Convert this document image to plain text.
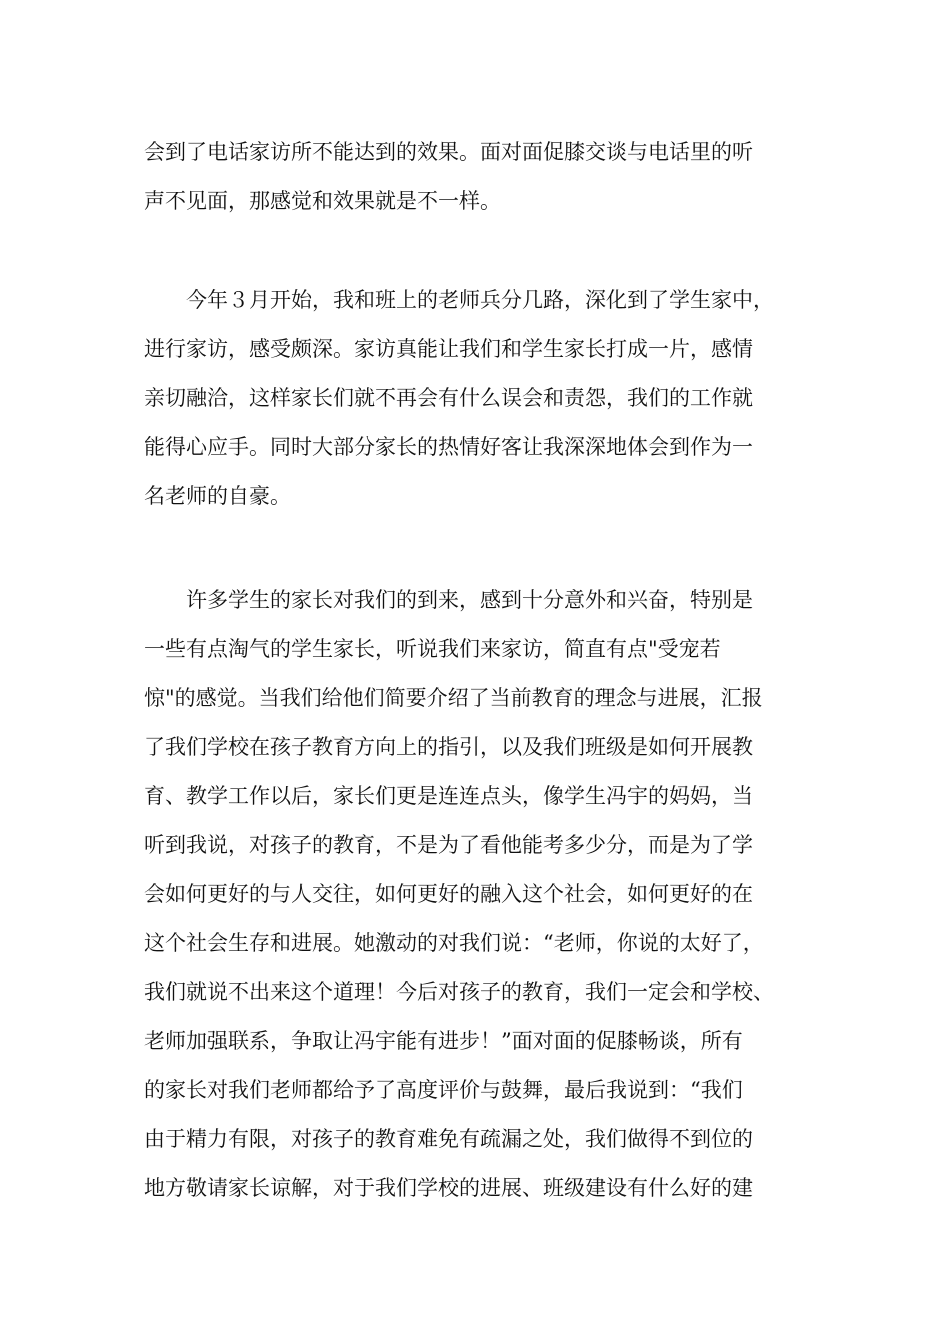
会到了电话家访所不能达到的效果。面对面促膝交谈与电话里的听
声不见面，那感觉和效果就是不一样。
　　今年３月开始，我和班上的老师兵分几路，深化到了学生家中，
进行家访，感受颇深。家访真能让我们和学生家长打成一片，感情
亲切融洽，这样家长们就不再会有什么误会和责怨，我们的工作就
能得心应手。同时大部分家长的热情好客让我深深地体会到作为一
名老师的自豪。
　　许多学生的家长对我们的到来，感到十分意外和兴奋，特别是
一些有点淘气的学生家长，听说我们来家访，简直有点"受宠若
惊"的感觉。当我们给他们简要介绍了当前教育的理念与进展，汇报
了我们学校在孩子教育方向上的指引，以及我们班级是如何开展教
育、教学工作以后，家长们更是连连点头，像学生冯宇的妈妈，当
听到我说，对孩子的教育，不是为了看他能考多少分，而是为了学
会如何更好的与人交往，如何更好的融入这个社会，如何更好的在
这个社会生存和进展。她激动的对我们说：“老师，你说的太好了，
我们就说不出来这个道理！今后对孩子的教育，我们一定会和学校、
老师加强联系，争取让冯宇能有进步！”面对面的促膝畅谈，所有
的家长对我们老师都给予了高度评价与鼓舞，最后我说到：“我们
由于精力有限，对孩子的教育难免有疏漏之处，我们做得不到位的
地方敬请家长谅解，对于我们学校的进展、班级建设有什么好的建
